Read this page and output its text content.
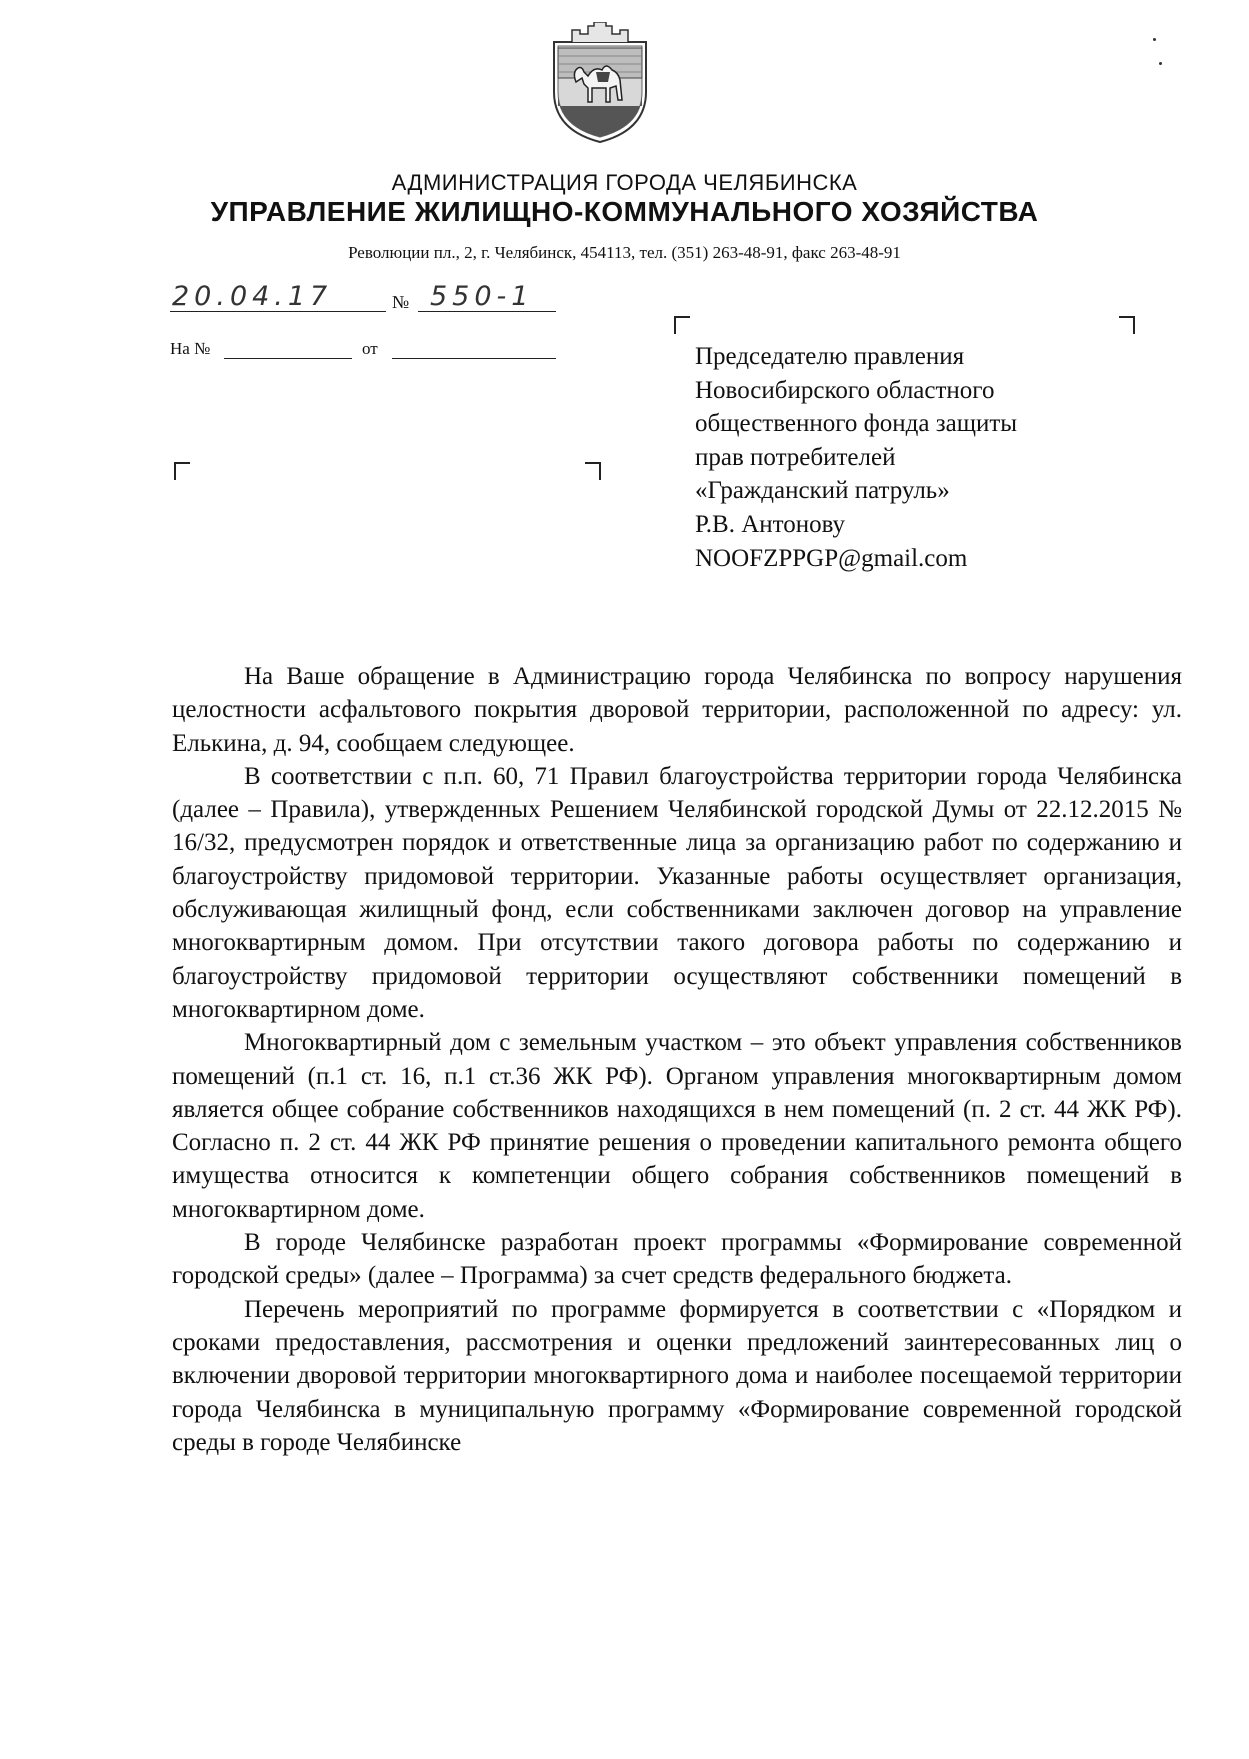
АДМИНИСТРАЦИЯ ГОРОДА ЧЕЛЯБИНСКА
УПРАВЛЕНИЕ ЖИЛИЩНО-КОММУНАЛЬНОГО ХОЗЯЙСТВА
Революции пл., 2, г. Челябинск, 454113, тел. (351) 263-48-91, факс 263-48-91
20.04.17	№ 550-1
На №	от	Председателю правления
Новосибирского областного
общественного фонда защиты
прав потребителей
«Гражданский патруль»
Р.В. Антонову
NOOFZPPGP@gmail.com

На Ваше обращение в Администрацию города Челябинска по вопросу нарушения целостности асфальтового покрытия дворовой территории, расположенной по адресу: ул. Елькина, д. 94, сообщаем следующее.

В соответствии с п.п. 60, 71 Правил благоустройства территории города Челябинска (далее – Правила), утвержденных Решением Челябинской городской Думы от 22.12.2015 № 16/32, предусмотрен порядок и ответственные лица за организацию работ по содержанию и благоустройству придомовой территории. Указанные работы осуществляет организация, обслуживающая жилищный фонд, если собственниками заключен договор на управление многоквартирным домом. При отсутствии такого договора работы по содержанию и благоустройству придомовой территории осуществляют собственники помещений в многоквартирном доме.

Многоквартирный дом с земельным участком – это объект управления собственников помещений (п.1 ст. 16, п.1 ст.36 ЖК РФ). Органом управления многоквартирным домом является общее собрание собственников находящихся в нем помещений (п. 2 ст. 44 ЖК РФ). Согласно п. 2 ст. 44 ЖК РФ принятие решения о проведении капитального ремонта общего имущества относится к компетенции общего собрания собственников помещений в многоквартирном доме.

В городе Челябинске разработан проект программы «Формирование современной городской среды» (далее – Программа) за счет средств федерального бюджета.

Перечень мероприятий по программе формируется в соответствии с «Порядком и сроками предоставления, рассмотрения и оценки предложений заинтересованных лиц о включении дворовой территории многоквартирного дома и наиболее посещаемой территории города Челябинска в муниципальную программу «Формирование современной городской среды в городе Челябинске
